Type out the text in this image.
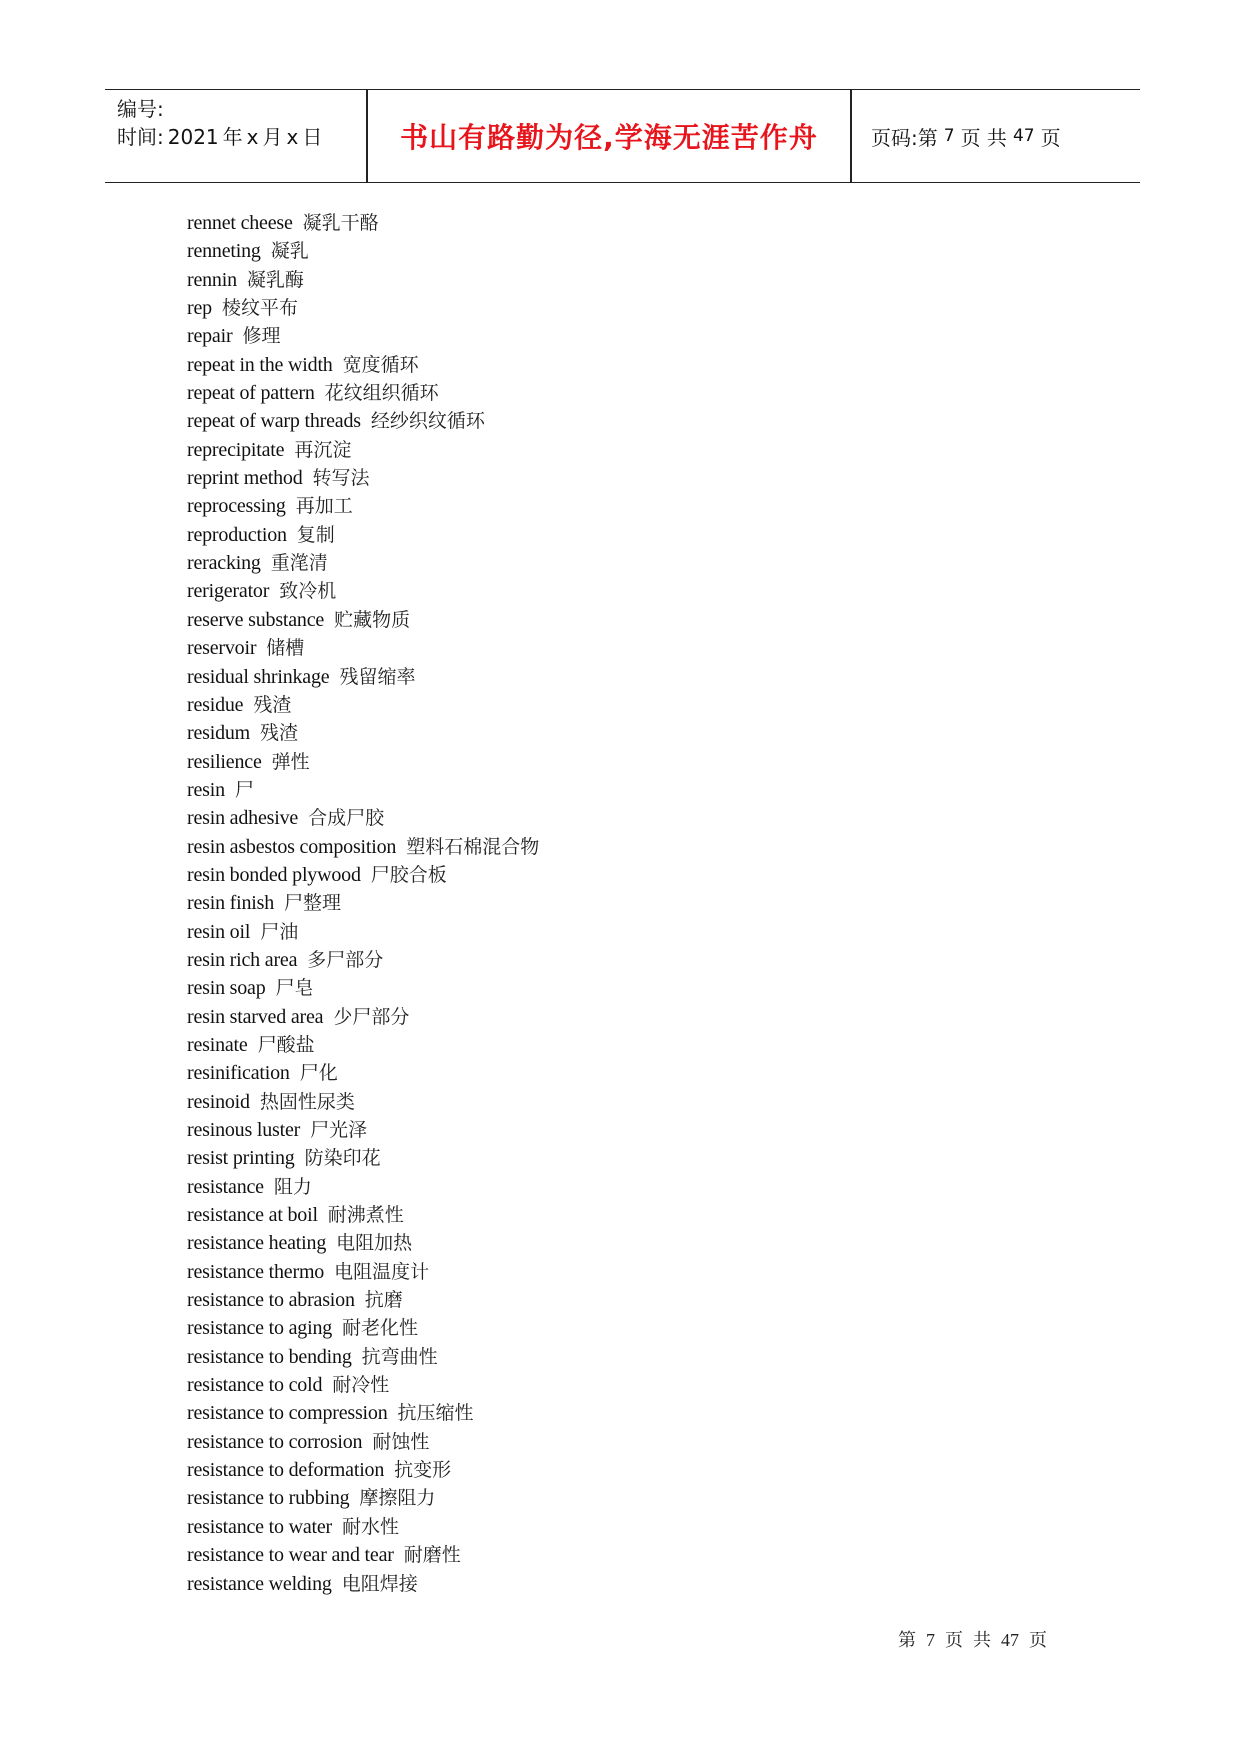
编号:
时间: 2021 年 x 月 x 日	书山有路勤为径,学海无涯苦作舟	页码:第 7 页 共 47 页
rennet cheese 凝乳干酪
renneting 凝乳
rennin 凝乳酶
rep 棱纹平布
repair 修理
repeat in the width 宽度循环
repeat of pattern 花纹组织循环
repeat of warp threads 经纱织纹循环
reprecipitate 再沉淀
reprint method 转写法
reprocessing 再加工
reproduction 复制
reracking 重滗清
rerigerator 致冷机
reserve substance 贮藏物质
reservoir 储槽
residual shrinkage 残留缩率
residue 残渣
residum 残渣
resilience 弹性
resin 尸
resin adhesive 合成尸胶
resin asbestos composition 塑料石棉混合物
resin bonded plywood 尸胶合板
resin finish 尸整理
resin oil 尸油
resin rich area 多尸部分
resin soap 尸皂
resin starved area 少尸部分
resinate 尸酸盐
resinification 尸化
resinoid 热固性尿类
resinous luster 尸光泽
resist printing 防染印花
resistance 阻力
resistance at boil 耐沸煮性
resistance heating 电阻加热
resistance thermo 电阻温度计
resistance to abrasion 抗磨
resistance to aging 耐老化性
resistance to bending 抗弯曲性
resistance to cold 耐冷性
resistance to compression 抗压缩性
resistance to corrosion 耐蚀性
resistance to deformation 抗变形
resistance to rubbing 摩擦阻力
resistance to water 耐水性
resistance to wear and tear 耐磨性
resistance welding 电阻焊接
第 7 页 共 47 页
